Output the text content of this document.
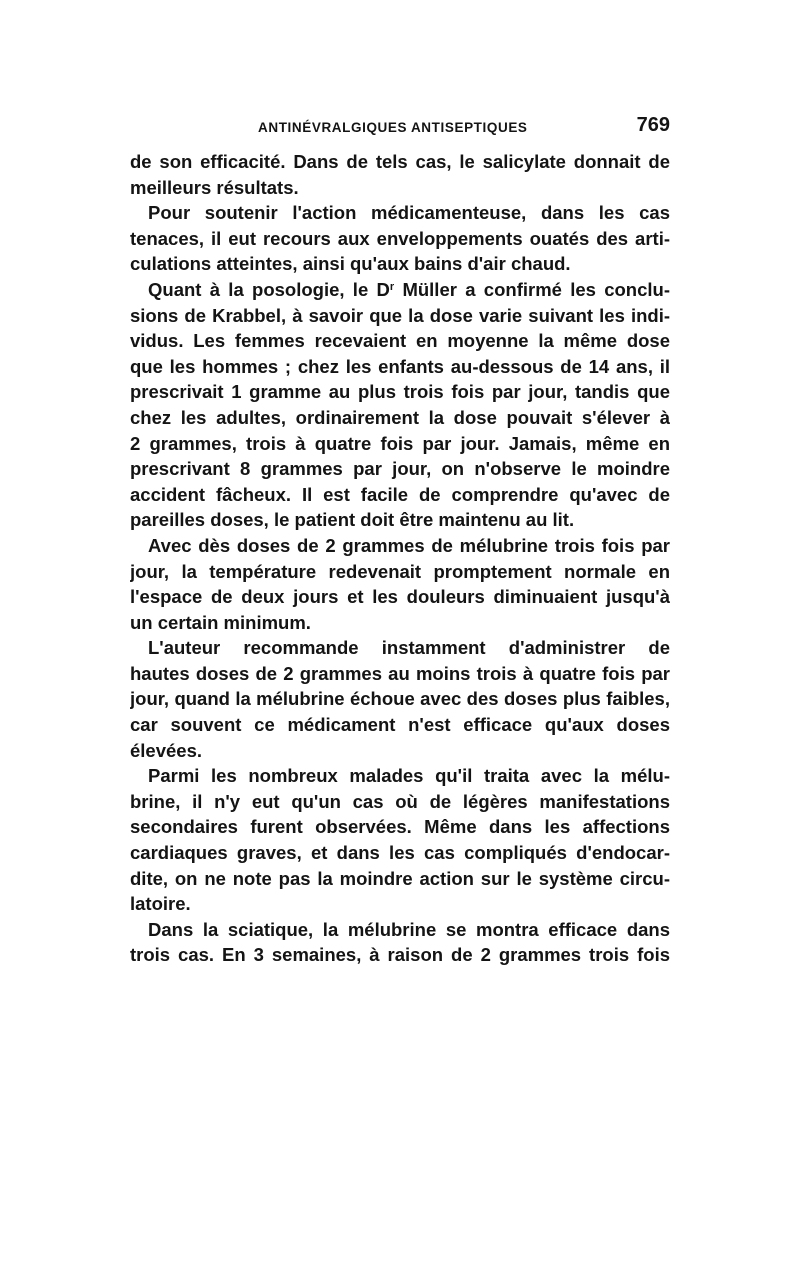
ANTINÉVRALGIQUES ANTISEPTIQUES	769
de son efficacité. Dans de tels cas, le salicylate donnait de
meilleurs résultats.
Pour soutenir l'action médicamenteuse, dans les cas
tenaces, il eut recours aux enveloppements ouatés des arti-
culations atteintes, ainsi qu'aux bains d'air chaud.
Quant à la posologie, le $D^r$ Müller a confirmé les conclu-
sions de Krabbel, à savoir que la dose varie suivant les indi-
vidus. Les femmes recevaient en moyenne la même dose
que les hommes ; chez les enfants au-dessous de 14 ans, il
prescrivait 1 gramme au plus trois fois par jour, tandis que
chez les adultes, ordinairement la dose pouvait s'élever à
2 grammes, trois à quatre fois par jour. Jamais, même en
prescrivant 8 grammes par jour, on n'observe le moindre
accident fâcheux. Il est facile de comprendre qu'avec de
pareilles doses, le patient doit être maintenu au lit.
Avec dès doses de 2 grammes de mélubrine trois fois par
jour, la température redevenait promptement normale en
l'espace de deux jours et les douleurs diminuaient jusqu'à
un certain minimum.
L'auteur recommande instamment d'administrer de
hautes doses de 2 grammes au moins trois à quatre fois par
jour, quand la mélubrine échoue avec des doses plus faibles,
car souvent ce médicament n'est efficace qu'aux doses
élevées.
Parmi les nombreux malades qu'il traita avec la mélu-
brine, il n'y eut qu'un cas où de légères manifestations
secondaires furent observées. Même dans les affections
cardiaques graves, et dans les cas compliqués d'endocar-
dite, on ne note pas la moindre action sur le système circu-
latoire.
Dans la sciatique, la mélubrine se montra efficace dans
trois cas. En 3 semaines, à raison de 2 grammes trois fois
